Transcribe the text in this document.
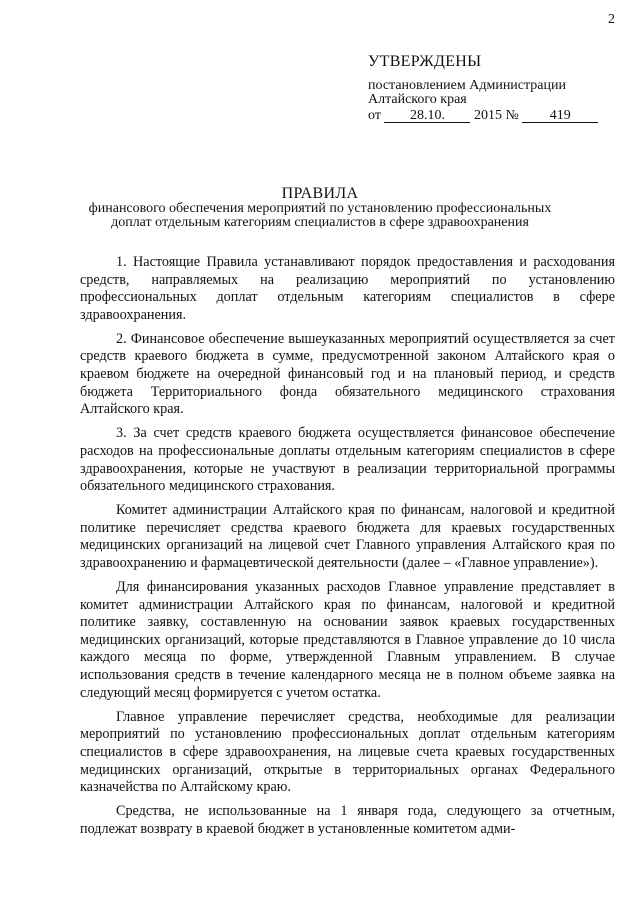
2
УТВЕРЖДЕНЫ
постановлением Администрации
Алтайского края
от 28.10. 2015 № 419
ПРАВИЛА
финансового обеспечения мероприятий по установлению профессиональных
доплат отдельным категориям специалистов в сфере здравоохранения

1. Настоящие Правила устанавливают порядок предоставления и расходования средств, направляемых на реализацию мероприятий по установлению профессиональных доплат отдельным категориям специалистов в сфере здравоохранения.

2. Финансовое обеспечение вышеуказанных мероприятий осуществляется за счет средств краевого бюджета в сумме, предусмотренной законом Алтайского края о краевом бюджете на очередной финансовый год и на плановый период, и средств бюджета Территориального фонда обязательного медицинского страхования Алтайского края.

3. За счет средств краевого бюджета осуществляется финансовое обеспечение расходов на профессиональные доплаты отдельным категориям специалистов в сфере здравоохранения, которые не участвуют в реализации территориальной программы обязательного медицинского страхования.

Комитет администрации Алтайского края по финансам, налоговой и кредитной политике перечисляет средства краевого бюджета для краевых государственных медицинских организаций на лицевой счет Главного управления Алтайского края по здравоохранению и фармацевтической деятельности (далее – «Главное управление»).

Для финансирования указанных расходов Главное управление представляет в комитет администрации Алтайского края по финансам, налоговой и кредитной политике заявку, составленную на основании заявок краевых государственных медицинских организаций, которые представляются в Главное управление до 10 числа каждого месяца по форме, утвержденной Главным управлением. В случае использования средств в течение календарного месяца не в полном объеме заявка на следующий месяц формируется с учетом остатка.

Главное управление перечисляет средства, необходимые для реализации мероприятий по установлению профессиональных доплат отдельным категориям специалистов в сфере здравоохранения, на лицевые счета краевых государственных медицинских организаций, открытые в территориальных органах Федерального казначейства по Алтайскому краю.

Средства, не использованные на 1 января года, следующего за отчетным, подлежат возврату в краевой бюджет в установленные комитетом адми-
